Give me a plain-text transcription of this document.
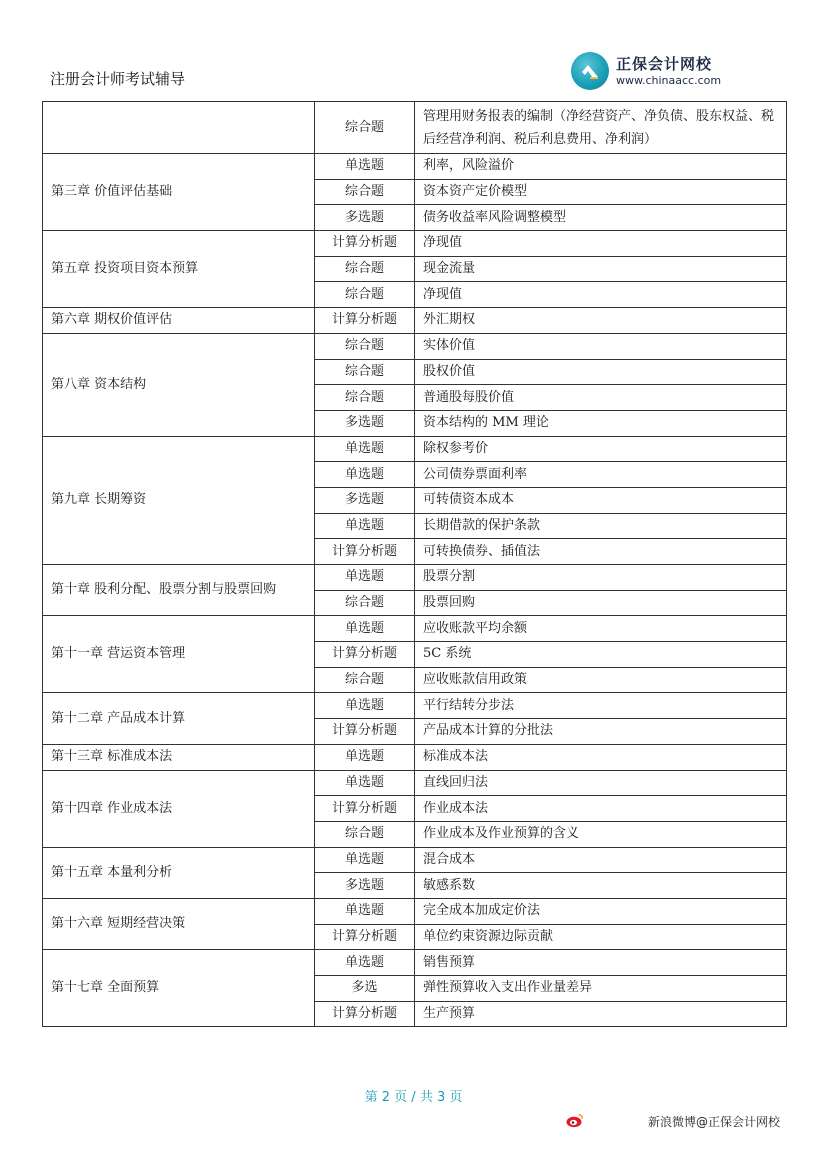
注册会计师考试辅导
正保会计网校
www.chinaacc.com
	综合题	管理用财务报表的编制（净经营资产、净负债、股东权益、税后经营净利润、税后利息费用、净利润）
第三章 价值评估基础	单选题	利率，风险溢价
	综合题	资本资产定价模型
	多选题	债务收益率风险调整模型
第五章 投资项目资本预算	计算分析题	净现值
	综合题	现金流量
	综合题	净现值
第六章 期权价值评估	计算分析题	外汇期权
第八章 资本结构	综合题	实体价值
	综合题	股权价值
	综合题	普通股每股价值
	多选题	资本结构的 MM 理论
第九章 长期筹资	单选题	除权参考价
	单选题	公司债券票面利率
	多选题	可转债资本成本
	单选题	长期借款的保护条款
	计算分析题	可转换债券、插值法
第十章 股利分配、股票分割与股票回购	单选题	股票分割
	综合题	股票回购
第十一章 营运资本管理	单选题	应收账款平均余额
	计算分析题	5C 系统
	综合题	应收账款信用政策
第十二章 产品成本计算	单选题	平行结转分步法
	计算分析题	产品成本计算的分批法
第十三章 标准成本法	单选题	标准成本法
第十四章 作业成本法	单选题	直线回归法
	计算分析题	作业成本法
	综合题	作业成本及作业预算的含义
第十五章 本量利分析	单选题	混合成本
	多选题	敏感系数
第十六章 短期经营决策	单选题	完全成本加成定价法
	计算分析题	单位约束资源边际贡献
第十七章 全面预算	单选题	销售预算
	多选	弹性预算收入支出作业量差异
	计算分析题	生产预算
第 2 页 / 共 3 页
新浪微博@正保会计网校
